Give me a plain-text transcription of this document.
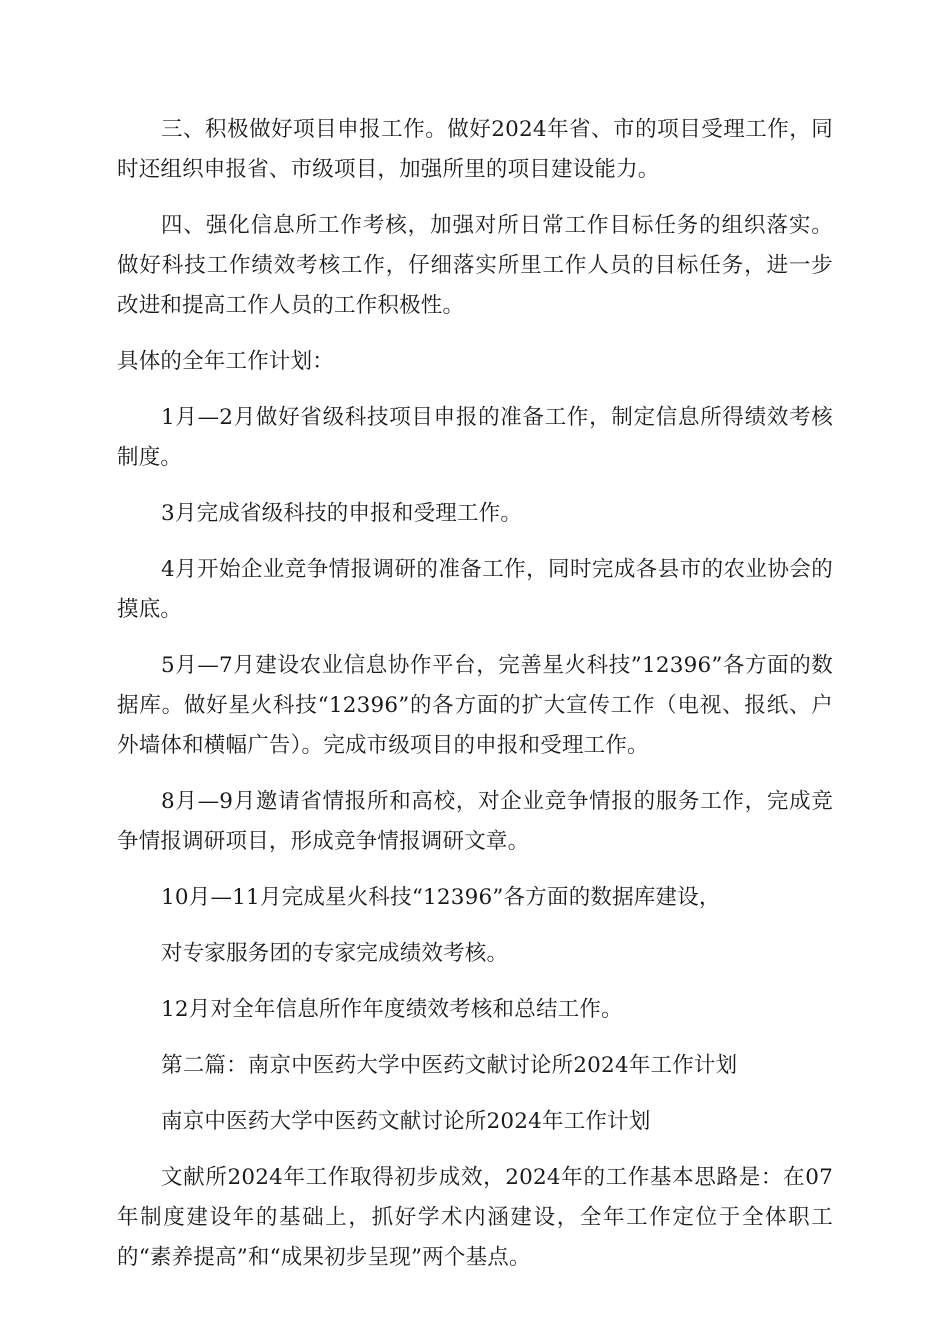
三、积极做好项目申报工作。做好2024年省、市的项目受理工作，同时还组织申报省、市级项目，加强所里的项目建设能力。

四、强化信息所工作考核，加强对所日常工作目标任务的组织落实。做好科技工作绩效考核工作，仔细落实所里工作人员的目标任务，进一步改进和提高工作人员的工作积极性。

具体的全年工作计划：

1月—2月做好省级科技项目申报的准备工作，制定信息所得绩效考核制度。

3月完成省级科技的申报和受理工作。

4月开始企业竞争情报调研的准备工作，同时完成各县市的农业协会的摸底。

5月—7月建设农业信息协作平台，完善星火科技”12396”各方面的数据库。做好星火科技“12396”的各方面的扩大宣传工作（电视、报纸、户外墙体和横幅广告）。完成市级项目的申报和受理工作。

8月—9月邀请省情报所和高校，对企业竞争情报的服务工作，完成竞争情报调研项目，形成竞争情报调研文章。

10月—11月完成星火科技“12396”各方面的数据库建设，

对专家服务团的专家完成绩效考核。

12月对全年信息所作年度绩效考核和总结工作。

第二篇：南京中医药大学中医药文献讨论所2024年工作计划

南京中医药大学中医药文献讨论所2024年工作计划

文献所2024年工作取得初步成效，2024年的工作基本思路是：在07年制度建设年的基础上，抓好学术内涵建设，全年工作定位于全体职工的“素养提高”和“成果初步呈现”两个基点。
